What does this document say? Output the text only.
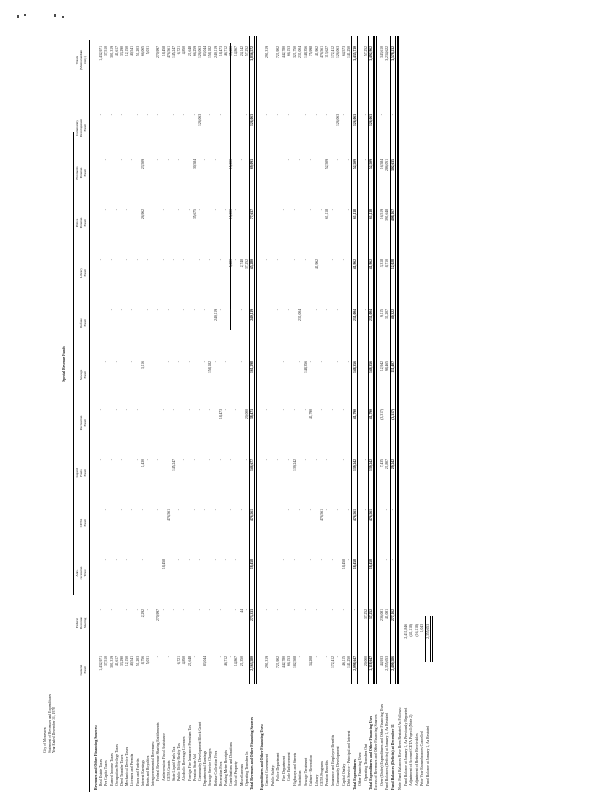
City of Monessen Statement of Revenues and Expenditures Year Ended December 31, 1978
Special Revenue Funds
General Fund
Federal Revenue Sharing
Anti- recession Trust
CETA Fund
Liquid Fuels Fund
Recreation Fund
Sewage Fund
Refuse Fund
Library Fund
Police Pension Fund
Firemen's Pension Fund
Community Development Fund
Totals (Memorandum Only)
Revenues and Other Financing Sources: Real Estate Taxes
1,432,971
-
-
-
-
-
1,432,971
Per Capita Taxes
37,510
-
-
-
-
-
37,510
Earned Income Taxes
301,319
-
-
-
-
-
301,319
Occupation Privilege Taxes
41,617
-
-
-
-
41,617
Deed Transfer Taxes
33,290
-
-
-
-
-
33,290
Mechanical Device Taxes
12,150
-
-
-
-
-
12,150
Licenses and Permits
40,541
-
-
-
-
40,541
Fines and Forfeits
51,203
-
-
-
-
-
51,203
Interest Earnings
8,756
2,292
-
-
1,430
3,116
26,962
23,509
66,065
Rents and Royalties
5,031
-
-
-
-
-
5,031
Intergovernmental Revenues: Federal Revenue Sharing Entitlements
-
270,997
-
-
-
-
-
270,997
Antirecession Fiscal Assistance
-
18,458
-
-
-
18,458
CETA Grants
-
476,561
-
-
-
476,561
State Liquid Fuels Tax
-
145,247
-
-
-
145,247
Public Utility Realty Tax
6,721
-
-
-
-
-
6,721
Alcoholic Beverage Licenses
4,850
-
-
-
-
-
4,850
Foreign Fire Insurance Premium Tax
21,648
-
-
-
-
21,648
Pension State Aid
-
-
-
-
35,675
30,584
-
66,259
Community Development Block Grant
-
-
-
-
-
126,063
126,063
Departmental Earnings
83,044
-
-
-
-
83,044
Sewage Service Charges
-
-
-
158,182
-
-
158,182
Refuse Collection Fees
-
-
-
240,119
-
-
240,119
Recreation Fees
-
-
-
18,473
-
-
-
18,473
Parking Meter Receipts
46,712
-
-
-
-
46,712
Contributions and Donations
-
-
-
-
5,280
15,000
15,000
-
35,280
Sale of Property
14,867
-
-
-
-
-
14,867
Miscellaneous
21,350
44
-
-
-
2,748
-
24,142
Operating Transfers In
-
-
20,000
37,252
-
57,252
Total Revenues and Other Financing Sources
2,163,580
273,333
18,458
476,561
146,677
38,473
161,298
240,119
45,280
77,637
69,093
126,063
3,836,572
Expenditures and Other Financing Uses: General Government
291,319
-
-
-
-
-
291,319
Public Safety: Police Department
721,902
-
-
-
-
-
721,902
Fire Department
442,780
-
-
-
-
442,780
Code Enforcement
66,153
-
-
-
-
-
66,153
Highways and Streets
182,508
-
-
139,242
-
-
-
321,750
Sanitation
-
-
-
231,004
-
231,004
Sewage Treatment
-
-
-
148,356
-
-
148,356
Culture - Recreation
34,208
-
-
41,790
-
-
-
75,998
Library
-
-
-
-
41,962
-
41,962
CETA Programs
-
476,561
-
-
-
476,561
Pension Benefits
-
-
-
-
61,118
52,509
-
113,627
Insurance and Employee Benefits
172,412
-
-
-
-
-
172,412
Community Development
-
-
-
-
-
126,063
126,063
Capital Outlay
46,115
-
18,458
-
-
-
-
64,573
Debt Service - Principal and Interest
141,250
-
-
-
-
-
141,250
Total Expenditures
2,098,647
-
18,458
476,561
139,242
41,790
148,356
231,004
41,962
61,118
52,509
126,063
3,435,710
Other Financing Uses: Operating Transfers Out
20,000
37,252
-
-
-
-
-
57,252
Total Expenditures and Other Financing Uses
2,118,647
37,252
18,458
476,561
139,242
41,790
148,356
231,004
41,962
61,118
52,509
126,063
3,492,962
Excess of Revenues and Other Financing Sources Over (Under) Expenditures and Other Financing Uses
44,933
236,081
7,435
(3,317)
12,942
9,115
3,318
16,519
16,584
-
343,610
Fund Balances (Deficits) at January 1, As Restated
2,355,653
41,081
-
-
21,807
98,465
31,207
8,710
391,648
286,051
3,234,622
Fund Balances (Deficits) at December 31
2,400,586
277,162
-
-
29,242
(3,317)
111,407
40,322
12,028
408,167
302,635
-
3,578,232
Note: Fund Balances Have Been Restated As Follows: Fund Balance at January 1, As Previously Reported
2,411,846
Adjustment of Accrued CETA Payroll (Note 2)
(41,118)
Adjustment of Refuse Receivables
(16,118)
Prior Year Encumbrances Cancelled
1,043
Fund Balance at January 1, As Restated
2,355,653
